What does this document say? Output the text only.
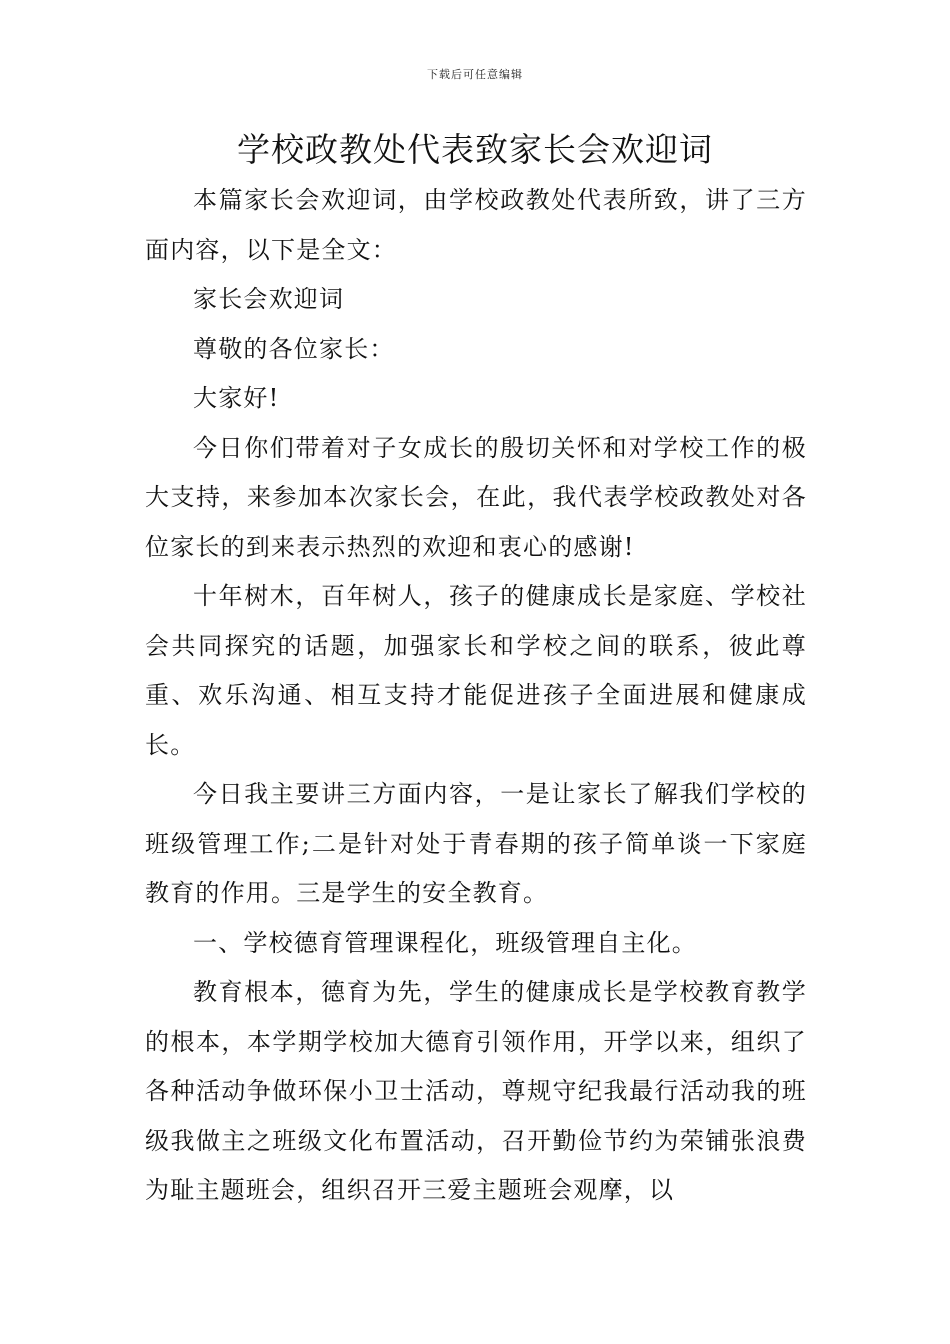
下载后可任意编辑
学校政教处代表致家长会欢迎词

本篇家长会欢迎词，由学校政教处代表所致，讲了三方面内容，以下是全文：

家长会欢迎词

尊敬的各位家长：

大家好!

今日你们带着对子女成长的殷切关怀和对学校工作的极大支持，来参加本次家长会，在此，我代表学校政教处对各位家长的到来表示热烈的欢迎和衷心的感谢!

十年树木，百年树人，孩子的健康成长是家庭、学校社会共同探究的话题，加强家长和学校之间的联系，彼此尊重、欢乐沟通、相互支持才能促进孩子全面进展和健康成长。

今日我主要讲三方面内容，一是让家长了解我们学校的班级管理工作;二是针对处于青春期的孩子简单谈一下家庭教育的作用。三是学生的安全教育。

一、学校德育管理课程化，班级管理自主化。

教育根本，德育为先，学生的健康成长是学校教育教学的根本，本学期学校加大德育引领作用，开学以来，组织了各种活动争做环保小卫士活动，尊规守纪我最行活动我的班级我做主之班级文化布置活动，召开勤俭节约为荣铺张浪费为耻主题班会，组织召开三爱主题班会观摩，以
